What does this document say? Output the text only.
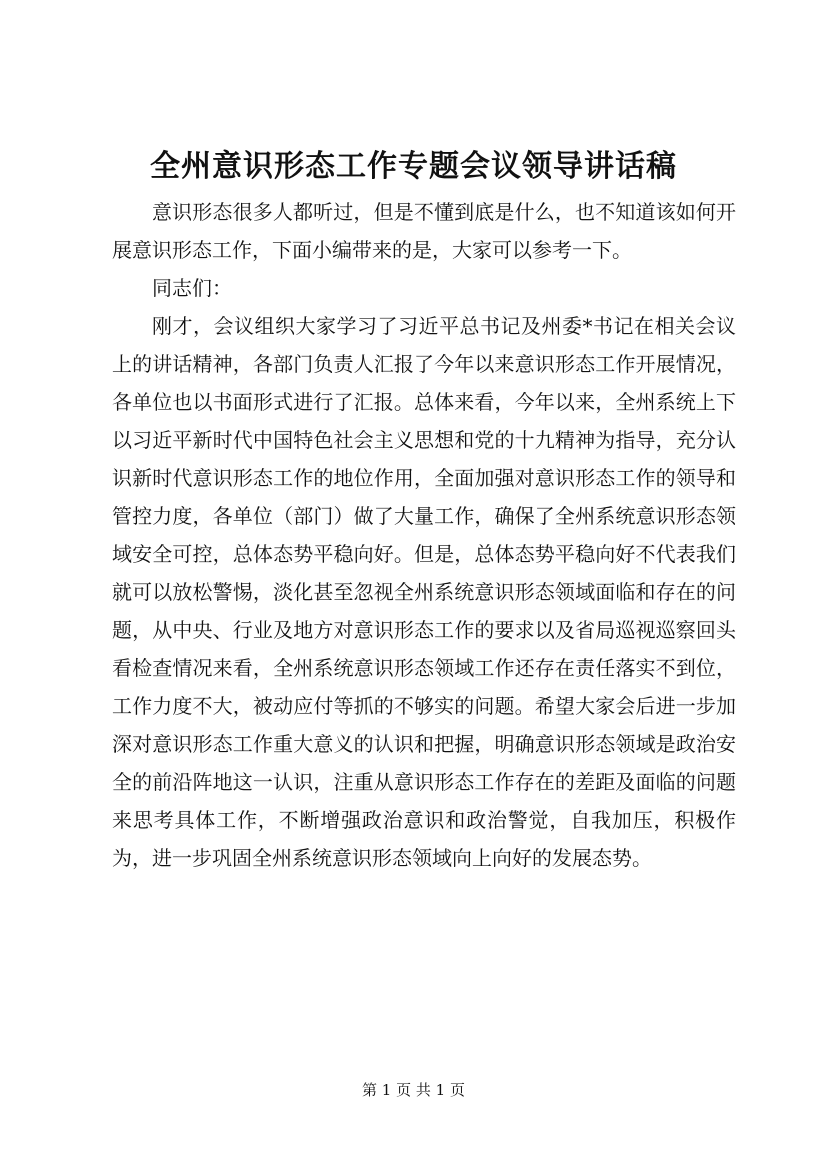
全州意识形态工作专题会议领导讲话稿

意识形态很多人都听过，但是不懂到底是什么，也不知道该如何开展意识形态工作，下面小编带来的是，大家可以参考一下。

同志们：

刚才，会议组织大家学习了习近平总书记及州委*书记在相关会议上的讲话精神，各部门负责人汇报了今年以来意识形态工作开展情况，各单位也以书面形式进行了汇报。总体来看，今年以来，全州系统上下以习近平新时代中国特色社会主义思想和党的十九精神为指导，充分认识新时代意识形态工作的地位作用，全面加强对意识形态工作的领导和管控力度，各单位（部门）做了大量工作，确保了全州系统意识形态领域安全可控，总体态势平稳向好。但是，总体态势平稳向好不代表我们就可以放松警惕，淡化甚至忽视全州系统意识形态领域面临和存在的问题，从中央、行业及地方对意识形态工作的要求以及省局巡视巡察回头看检查情况来看，全州系统意识形态领域工作还存在责任落实不到位，工作力度不大，被动应付等抓的不够实的问题。希望大家会后进一步加深对意识形态工作重大意义的认识和把握，明确意识形态领域是政治安全的前沿阵地这一认识，注重从意识形态工作存在的差距及面临的问题来思考具体工作，不断增强政治意识和政治警觉，自我加压，积极作为，进一步巩固全州系统意识形态领域向上向好的发展态势。

第 1 页 共 1 页
